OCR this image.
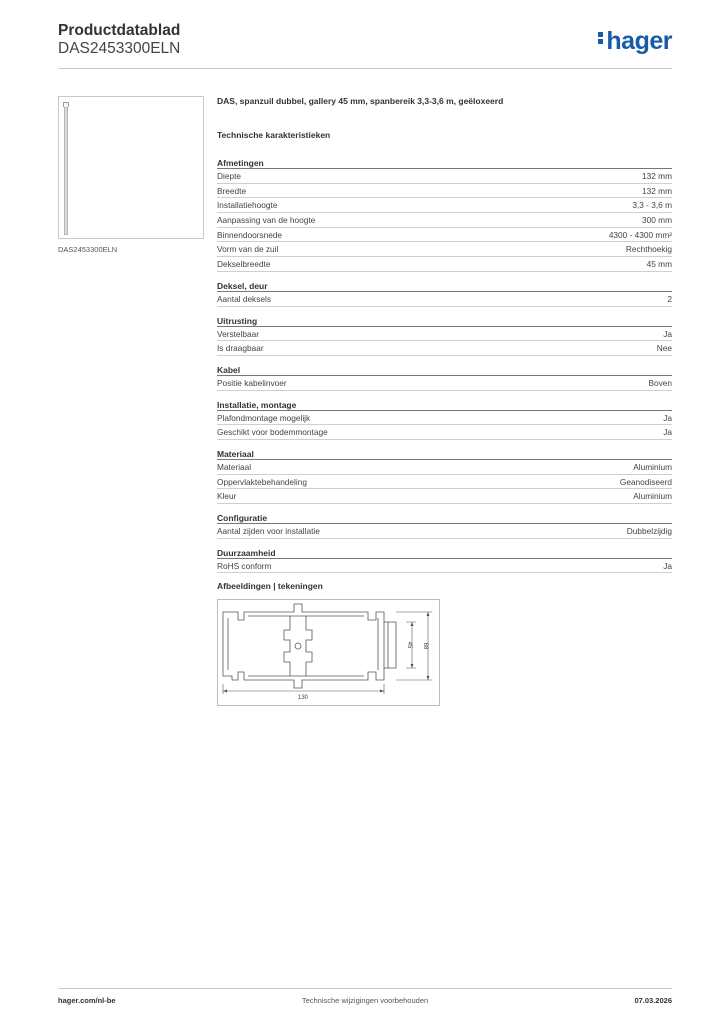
Productdatablad
DAS2453300ELN	hager
DAS2453300ELN
DAS, spanzuil dubbel, gallery 45 mm, spanbereik 3,3-3,6 m, geëloxeerd
Technische karakteristieken
Afmetingen
Diepte	132 mm
Breedte	132 mm
Installatiehoogte	3,3 - 3,6 m
Aanpassing van de hoogte	300 mm
Binnendoorsnede	4300 - 4300 mm²
Vorm van de zuil	Rechthoekig
Dekselbreedte	45 mm
Deksel, deur
Aantal deksels	2
Uitrusting
Verstelbaar	Ja
Is draagbaar	Nee
Kabel
Positie kabelinvoer	Boven
Installatie, montage
Plafondmontage mogelijk	Ja
Geschikt voor bodemmontage	Ja
Materiaal
Materiaal	Aluminium
Oppervlaktebehandeling	Geanodiseerd
Kleur	Aluminium
Configuratie
Aantal zijden voor installatie	Dubbelzijdig
Duurzaamheid
RoHS conform	Ja
Afbeeldingen | tekeningen
130
45 68
hager.com/nl-be	Technische wijzigingen voorbehouden	07.03.2026
